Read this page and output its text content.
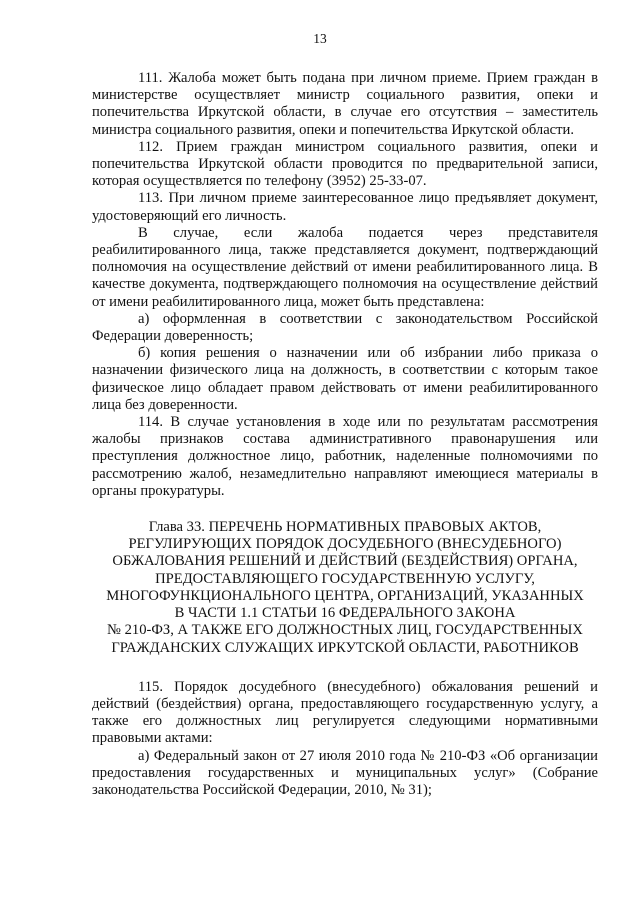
13

111. Жалоба может быть подана при личном приеме. Прием граждан в министерстве осуществляет министр социального развития, опеки и попечительства Иркутской области, в случае его отсутствия – заместитель министра социального развития, опеки и попечительства Иркутской области.

112. Прием граждан министром социального развития, опеки и попечительства Иркутской области проводится по предварительной записи, которая осуществляется по телефону (3952) 25-33-07.

113. При личном приеме заинтересованное лицо предъявляет документ, удостоверяющий его личность.

В случае, если жалоба подается через представителя реабилитированного лица, также представляется документ, подтверждающий полномочия на осуществление действий от имени реабилитированного лица. В качестве документа, подтверждающего полномочия на осуществление действий от имени реабилитированного лица, может быть представлена:

а) оформленная в соответствии с законодательством Российской Федерации доверенность;

б) копия решения о назначении или об избрании либо приказа о назначении физического лица на должность, в соответствии с которым такое физическое лицо обладает правом действовать от имени реабилитированного лица без доверенности.

114. В случае установления в ходе или по результатам рассмотрения жалобы признаков состава административного правонарушения или преступления должностное лицо, работник, наделенные полномочиями по рассмотрению жалоб, незамедлительно направляют имеющиеся материалы в органы прокуратуры.

Глава 33. ПЕРЕЧЕНЬ НОРМАТИВНЫХ ПРАВОВЫХ АКТОВ,
РЕГУЛИРУЮЩИХ ПОРЯДОК ДОСУДЕБНОГО (ВНЕСУДЕБНОГО)
ОБЖАЛОВАНИЯ РЕШЕНИЙ И ДЕЙСТВИЙ (БЕЗДЕЙСТВИЯ) ОРГАНА,
ПРЕДОСТАВЛЯЮЩЕГО ГОСУДАРСТВЕННУЮ УСЛУГУ,
МНОГОФУНКЦИОНАЛЬНОГО ЦЕНТРА, ОРГАНИЗАЦИЙ, УКАЗАННЫХ
В ЧАСТИ 1.1 СТАТЬИ 16 ФЕДЕРАЛЬНОГО ЗАКОНА
№ 210-ФЗ, А ТАКЖЕ ЕГО ДОЛЖНОСТНЫХ ЛИЦ, ГОСУДАРСТВЕННЫХ
ГРАЖДАНСКИХ СЛУЖАЩИХ ИРКУТСКОЙ ОБЛАСТИ, РАБОТНИКОВ

115. Порядок досудебного (внесудебного) обжалования решений и действий (бездействия) органа, предоставляющего государственную услугу, а также его должностных лиц регулируется следующими нормативными правовыми актами:

а) Федеральный закон от 27 июля 2010 года № 210-ФЗ «Об организации предоставления государственных и муниципальных услуг» (Собрание законодательства Российской Федерации, 2010, № 31);
